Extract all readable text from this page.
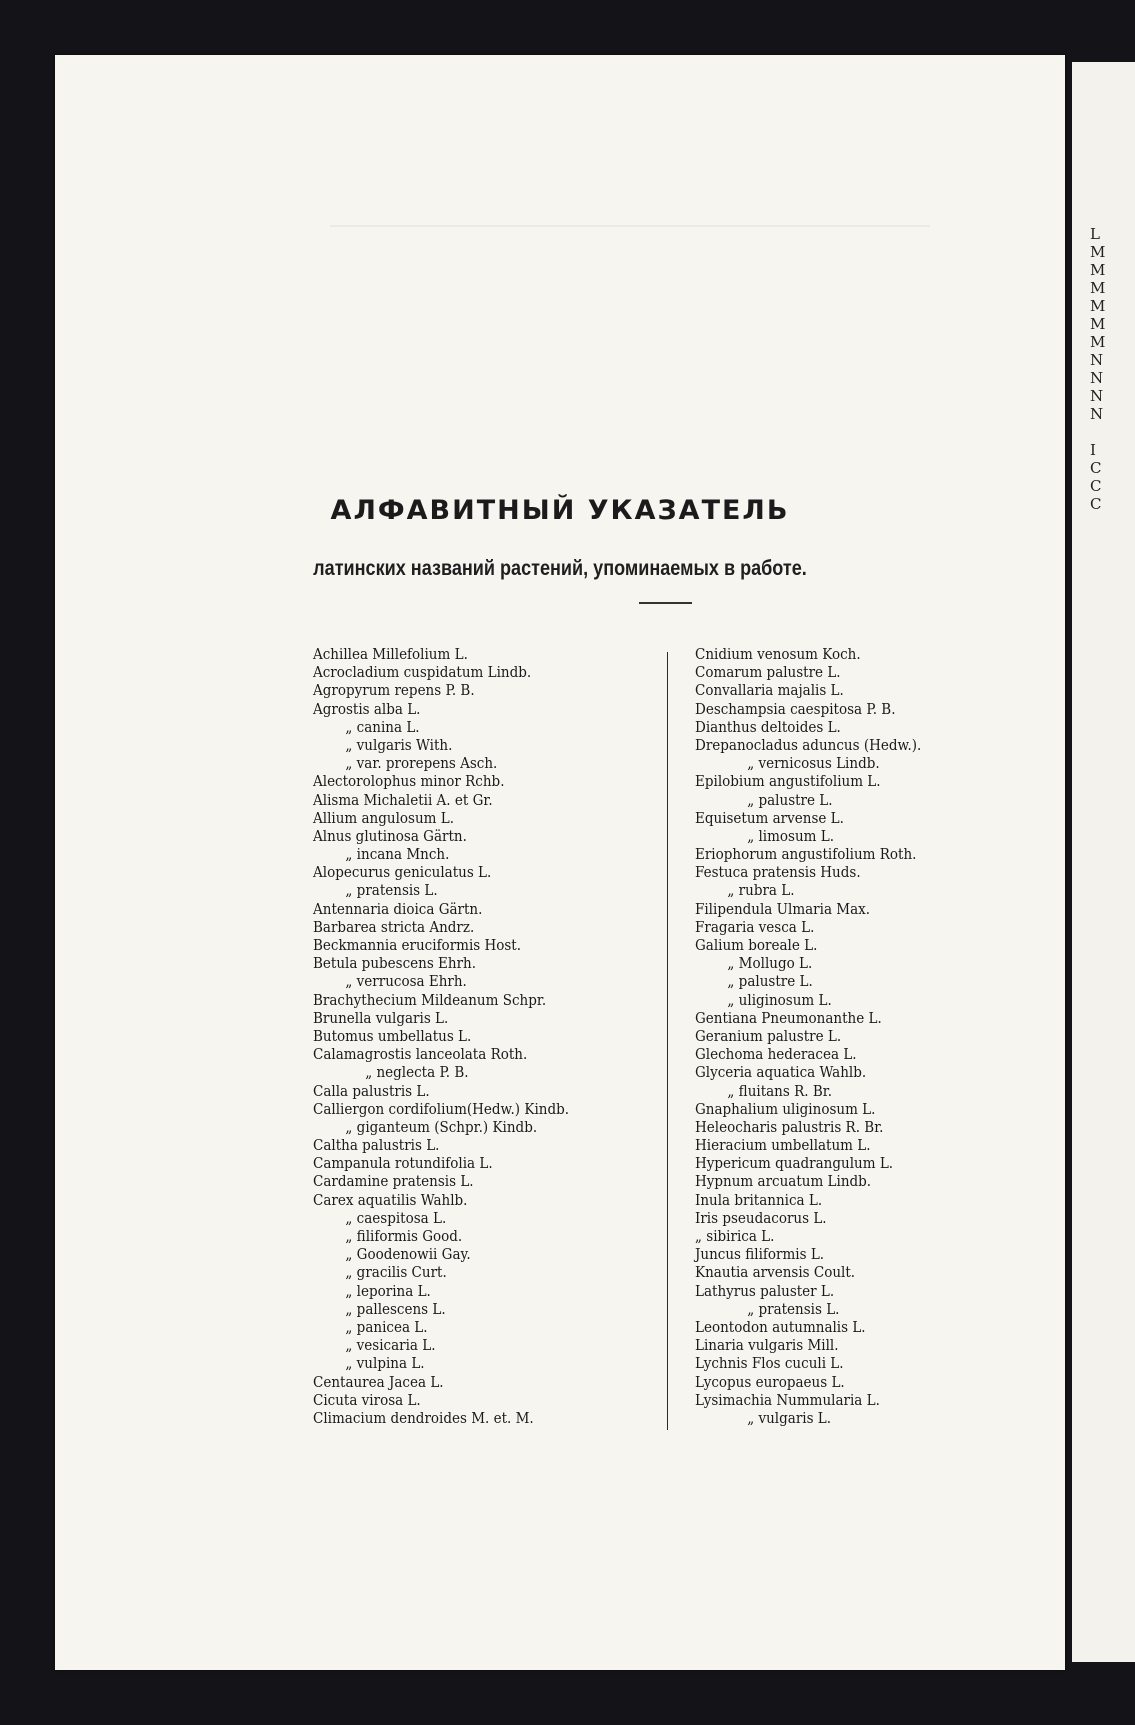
L
M
M
M
M
M
M
N
N
N
N

I
C
C
C
АЛФАВИТНЫЙ УКАЗАТЕЛЬ
латинских названий растений, упоминаемых в работе.
Achillea Millefolium L.
Acrocladium cuspidatum Lindb.
Agropyrum repens P. B.
Agrostis alba L.
„ canina L.
„ vulgaris With.
„ var. prorepens Asch.
Alectorolophus minor Rchb.
Alisma Michaletii A. et Gr.
Allium angulosum L.
Alnus glutinosa Gärtn.
„ incana Mnch.
Alopecurus geniculatus L.
„ pratensis L.
Antennaria dioica Gärtn.
Barbarea stricta Andrz.
Beckmannia eruciformis Host.
Betula pubescens Ehrh.
„ verrucosa Ehrh.
Brachythecium Mildeanum Schpr.
Brunella vulgaris L.
Butomus umbellatus L.
Calamagrostis lanceolata Roth.
„ neglecta P. B.
Calla palustris L.
Calliergon cordifolium(Hedw.) Kindb.
„ giganteum (Schpr.) Kindb.
Caltha palustris L.
Campanula rotundifolia L.
Cardamine pratensis L.
Carex aquatilis Wahlb.
„ caespitosa L.
„ filiformis Good.
„ Goodenowii Gay.
„ gracilis Curt.
„ leporina L.
„ pallescens L.
„ panicea L.
„ vesicaria L.
„ vulpina L.
Centaurea Jacea L.
Cicuta virosa L.
Climacium dendroides M. et. M.
Cnidium venosum Koch.
Comarum palustre L.
Convallaria majalis L.
Deschampsia caespitosa P. B.
Dianthus deltoides L.
Drepanocladus aduncus (Hedw.).
„ vernicosus Lindb.
Epilobium angustifolium L.
„ palustre L.
Equisetum arvense L.
„ limosum L.
Eriophorum angustifolium Roth.
Festuca pratensis Huds.
„ rubra L.
Filipendula Ulmaria Max.
Fragaria vesca L.
Galium boreale L.
„ Mollugo L.
„ palustre L.
„ uliginosum L.
Gentiana Pneumonanthe L.
Geranium palustre L.
Glechoma hederacea L.
Glyceria aquatica Wahlb.
„ fluitans R. Br.
Gnaphalium uliginosum L.
Heleocharis palustris R. Br.
Hieracium umbellatum L.
Hypericum quadrangulum L.
Hypnum arcuatum Lindb.
Inula britannica L.
Iris pseudacorus L.
„ sibirica L.
Juncus filiformis L.
Knautia arvensis Coult.
Lathyrus paluster L.
„ pratensis L.
Leontodon autumnalis L.
Linaria vulgaris Mill.
Lychnis Flos cuculi L.
Lycopus europaeus L.
Lysimachia Nummularia L.
„ vulgaris L.
